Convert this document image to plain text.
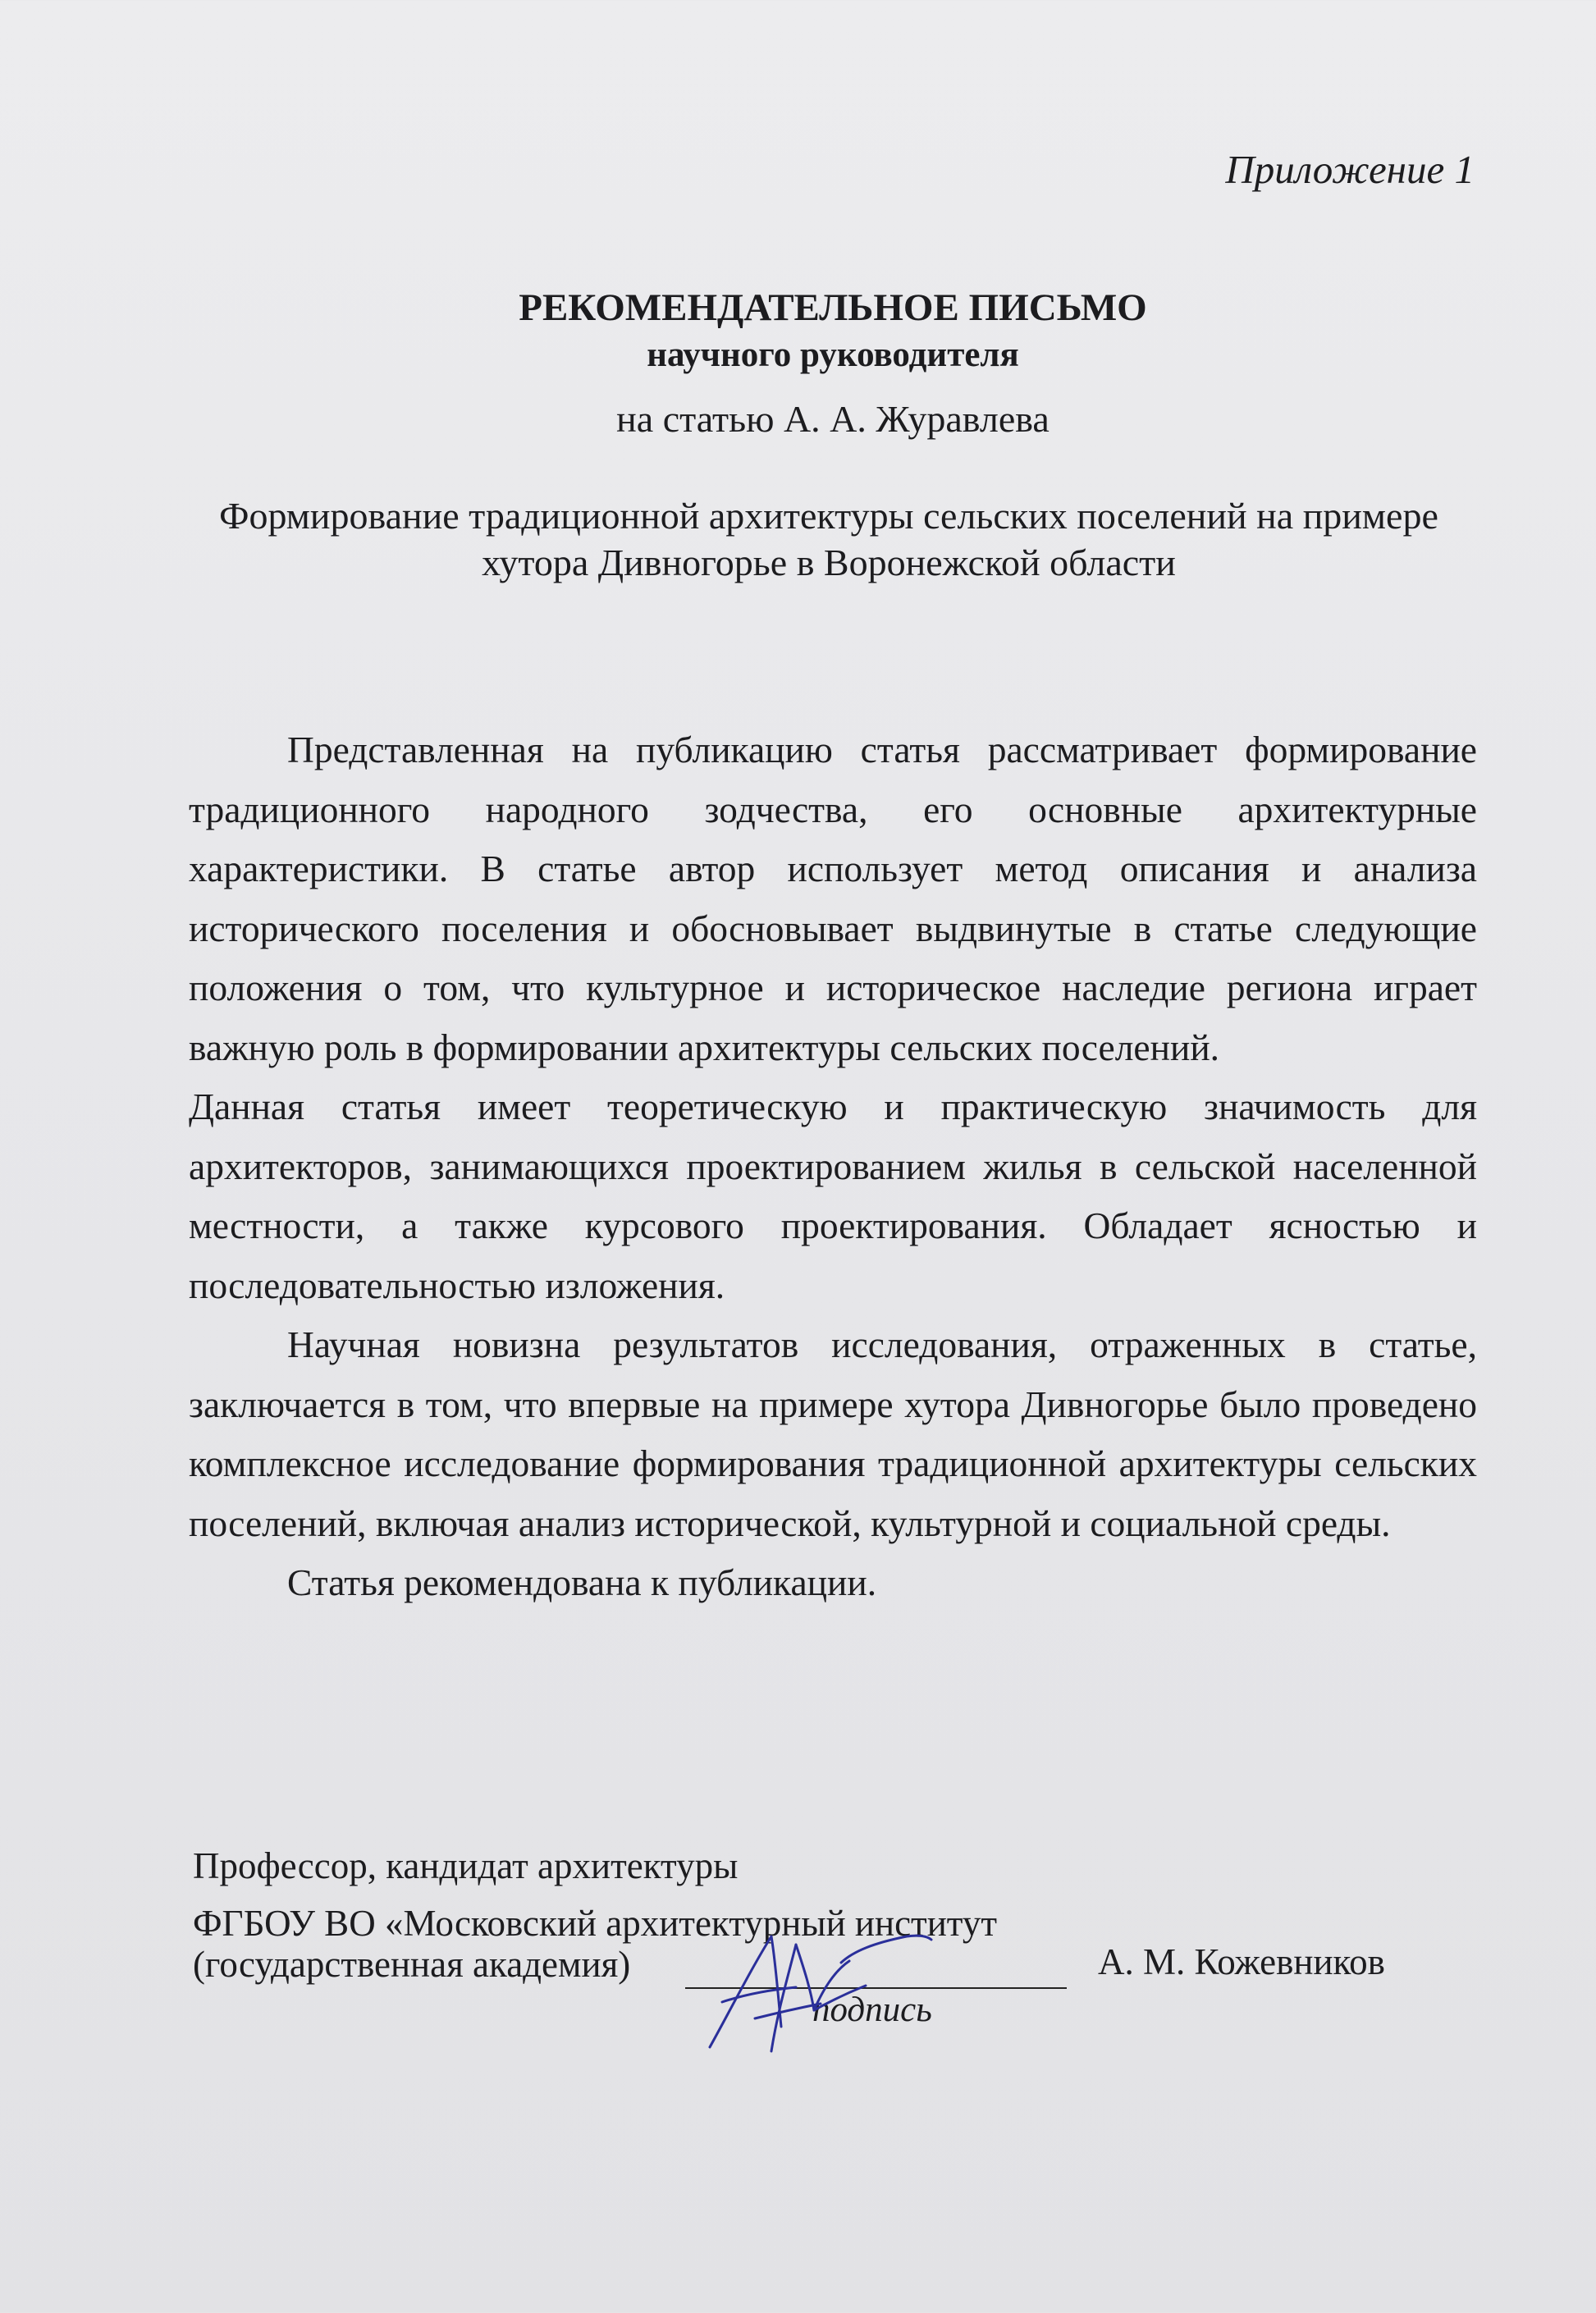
Приложение 1
РЕКОМЕНДАТЕЛЬНОЕ ПИСЬМО
научного руководителя
на статью А. А. Журавлева
Формирование традиционной архитектуры сельских поселений на примере
хутора Дивногорье в Воронежской области

Представленная на публикацию статья рассматривает формирование традиционного народного зодчества, его основные архитектурные характеристики. В статье автор использует метод описания и анализа исторического поселения и обосновывает выдвинутые в статье следующие положения о том, что культурное и историческое наследие региона играет важную роль в формировании архитектуры сельских поселений.

Данная статья имеет теоретическую и практическую значимость для архитекторов, занимающихся проектированием жилья в сельской населенной местности, а также курсового проектирования. Обладает ясностью и последовательностью изложения.

Научная новизна результатов исследования, отраженных в статье, заключается в том, что впервые на примере хутора Дивногорье было проведено комплексное исследование формирования традиционной архитектуры сельских поселений, включая анализ исторической, культурной и социальной среды.

Статья рекомендована к публикации.

Профессор, кандидат архитектуры
ФГБОУ ВО «Московский архитектурный институт
(государственная академия)
подпись
А. М. Кожевников
